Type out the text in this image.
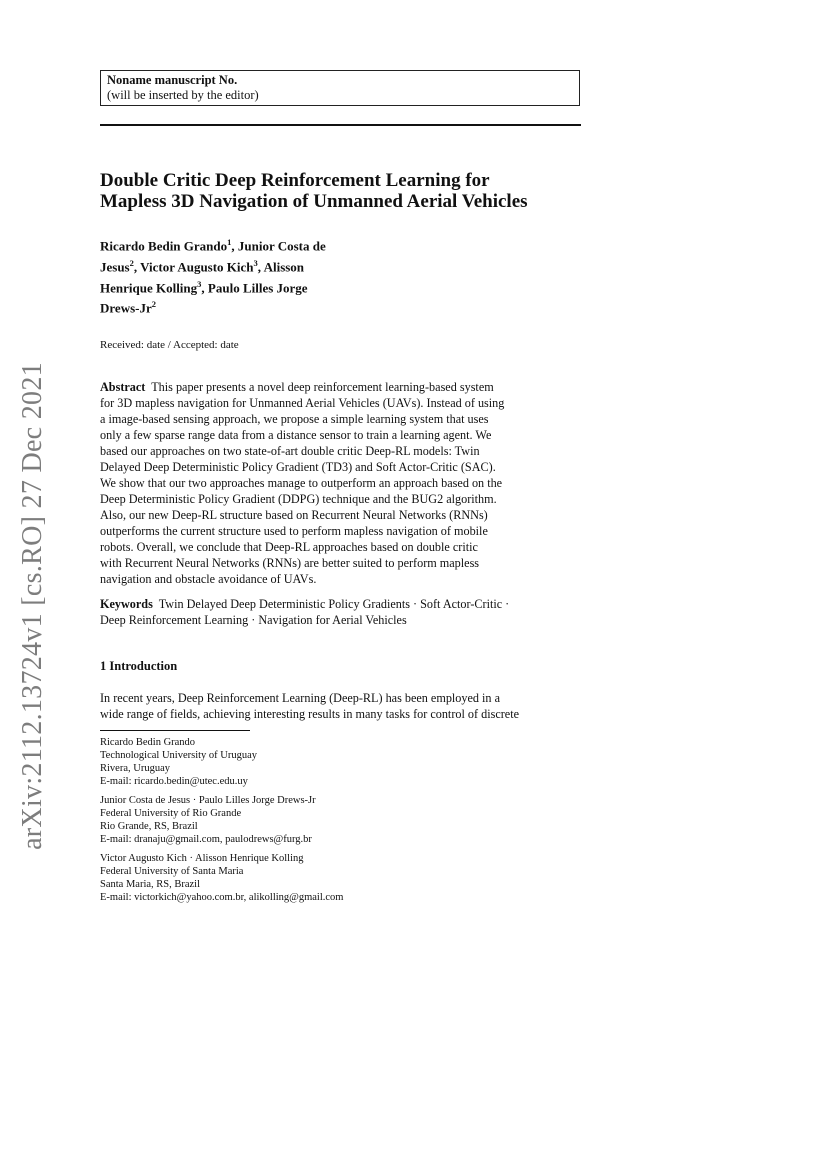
arXiv:2112.13724v1 [cs.RO] 27 Dec 2021
Noname manuscript No.
(will be inserted by the editor)
Double Critic Deep Reinforcement Learning for
Mapless 3D Navigation of Unmanned Aerial Vehicles
Ricardo Bedin Grando$^1$, Junior Costa de
Jesus$^2$, Victor Augusto Kich$^3$, Alisson
Henrique Kolling$^3$, Paulo Lilles Jorge
Drews-Jr$^2$
Received: date / Accepted: date
Abstract This paper presents a novel deep reinforcement learning-based system
for 3D mapless navigation for Unmanned Aerial Vehicles (UAVs). Instead of using
a image-based sensing approach, we propose a simple learning system that uses
only a few sparse range data from a distance sensor to train a learning agent. We
based our approaches on two state-of-art double critic Deep-RL models: Twin
Delayed Deep Deterministic Policy Gradient (TD3) and Soft Actor-Critic (SAC).
We show that our two approaches manage to outperform an approach based on the
Deep Deterministic Policy Gradient (DDPG) technique and the BUG2 algorithm.
Also, our new Deep-RL structure based on Recurrent Neural Networks (RNNs)
outperforms the current structure used to perform mapless navigation of mobile
robots. Overall, we conclude that Deep-RL approaches based on double critic
with Recurrent Neural Networks (RNNs) are better suited to perform mapless
navigation and obstacle avoidance of UAVs.
Keywords Twin Delayed Deep Deterministic Policy Gradients · Soft Actor-Critic ·
Deep Reinforcement Learning · Navigation for Aerial Vehicles
1 Introduction
In recent years, Deep Reinforcement Learning (Deep-RL) has been employed in a
wide range of fields, achieving interesting results in many tasks for control of discrete
Ricardo Bedin Grando
Technological University of Uruguay
Rivera, Uruguay
E-mail: ricardo.bedin@utec.edu.uy
Junior Costa de Jesus · Paulo Lilles Jorge Drews-Jr
Federal University of Rio Grande
Rio Grande, RS, Brazil
E-mail: dranaju@gmail.com, paulodrews@furg.br
Victor Augusto Kich · Alisson Henrique Kolling
Federal University of Santa Maria
Santa Maria, RS, Brazil
E-mail: victorkich@yahoo.com.br, alikolling@gmail.com
